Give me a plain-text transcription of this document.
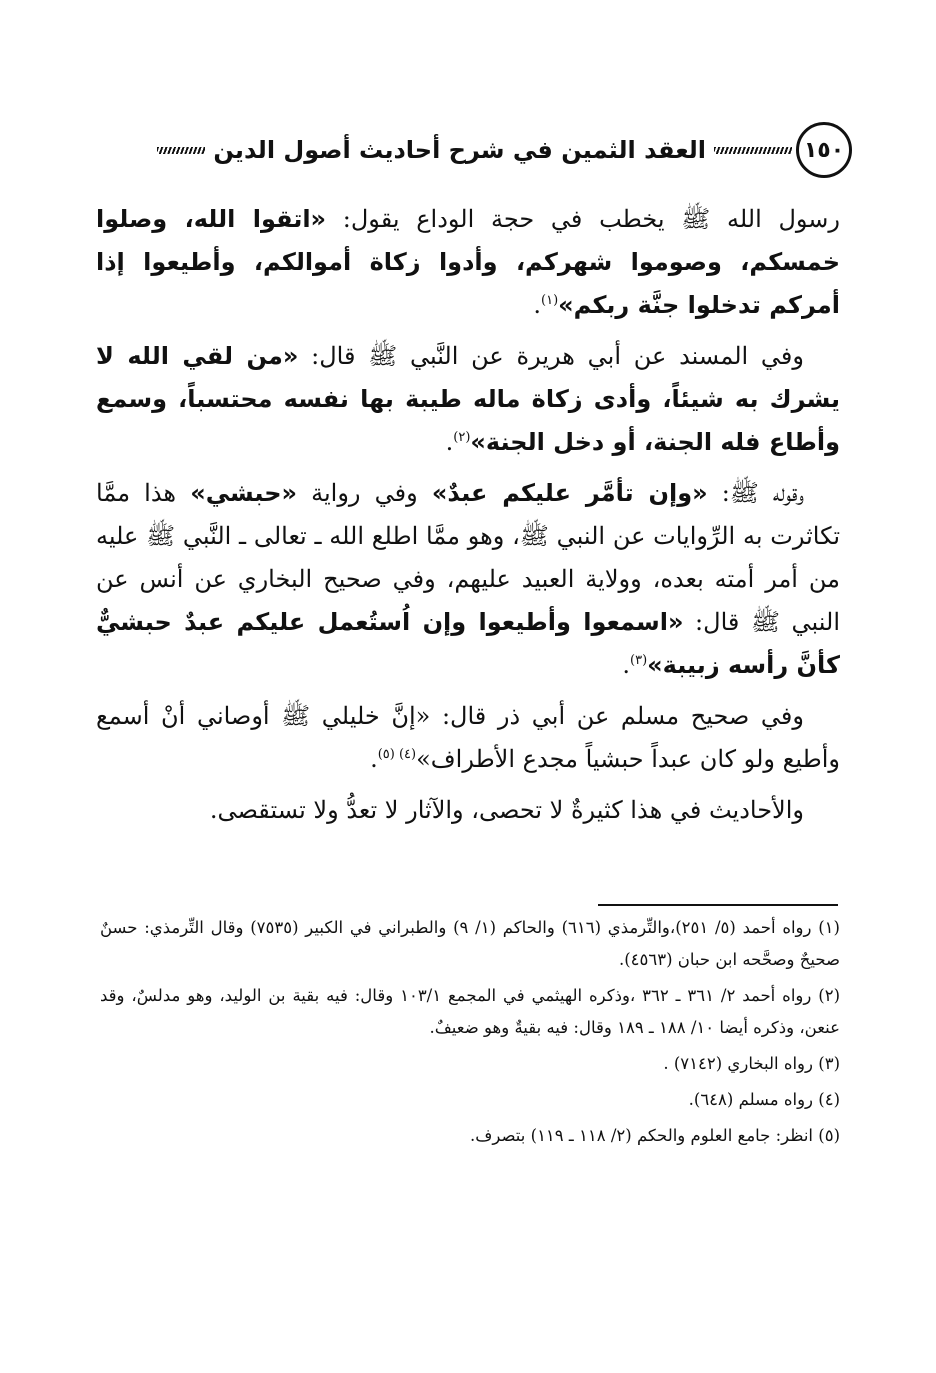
١٥٠
العقد الثمين في شرح أحاديث أصول الدين

رسول الله ﷺ يخطب في حجة الوداع يقول: «اتقوا الله، وصلوا خمسكم، وصوموا شهركم، وأدوا زكاة أموالكم، وأطيعوا إذا أمركم تدخلوا جنَّة ربكم»$^{(١)}$.

وفي المسند عن أبي هريرة عن النَّبي ﷺ قال: «من لقي الله لا يشرك به شيئاً، وأدى زكاة ماله طيبة بها نفسه محتسباً، وسمع وأطاع فله الجنة، أو دخل الجنة»$^{(٢)}$.

وقوله ﷺ: «وإن تأمَّر عليكم عبدٌ» وفي رواية «حبشي» هذا ممَّا تكاثرت به الرِّوايات عن النبي ﷺ، وهو ممَّا اطلع الله ـ تعالى ـ النَّبي ﷺ عليه من أمر أمته بعده، وولاية العبيد عليهم، وفي صحيح البخاري عن أنس عن النبي ﷺ قال: «اسمعوا وأطيعوا وإن اُستُعمل عليكم عبدٌ حبشيٌّ كأنَّ رأسه زبيبة»$^{(٣)}$.

وفي صحيح مسلم عن أبي ذر قال: «إنَّ خليلي ﷺ أوصاني أنْ أسمع وأطيع ولو كان عبداً حبشياً مجدع الأطراف»$^{(٤) (٥)}$.

والأحاديث في هذا كثيرةٌ لا تحصى، والآثار لا تعدُّ ولا تستقصى.

(١) رواه أحمد (٥/ ٢٥١)،والتِّرمذي (٦١٦) والحاكم (١/ ٩) والطبراني في الكبير (٧٥٣٥) وقال التِّرمذي: حسنٌ صحيحٌ وصحَّحه ابن حبان (٤٥٦٣).
(٢) رواه أحمد ٢/ ٣٦١ ـ ٣٦٢ ،وذكره الهيثمي في المجمع ١٠٣/١ وقال: فيه بقية بن الوليد، وهو مدلسٌ، وقد عنعن، وذكره أيضا ١٠/ ١٨٨ ـ ١٨٩ وقال: فيه بقيةٌ وهو ضعيفٌ.
(٣) رواه البخاري (٧١٤٢) .
(٤) رواه مسلم (٦٤٨).
(٥) انظر: جامع العلوم والحكم (٢/ ١١٨ ـ ١١٩) بتصرف.
